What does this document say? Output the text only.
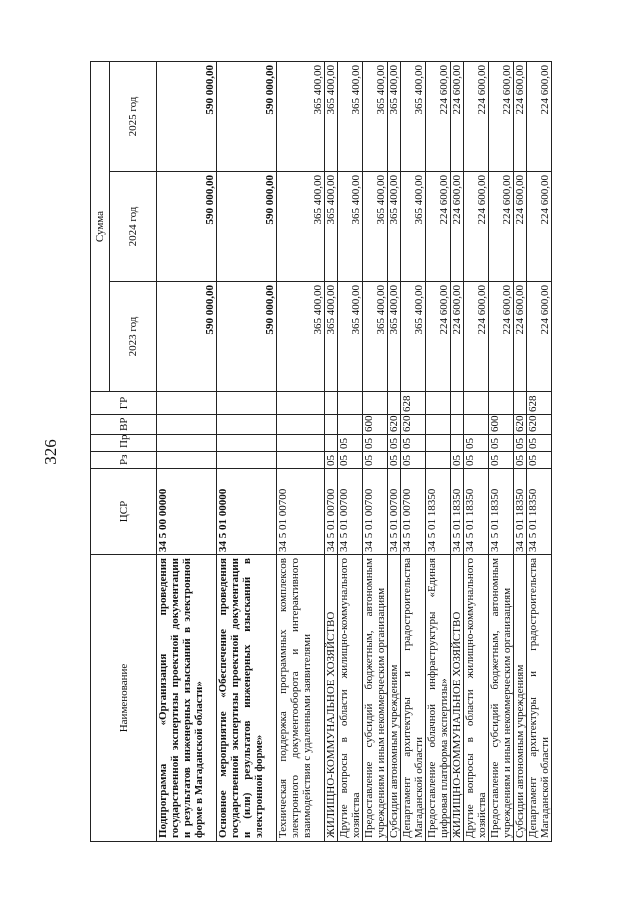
326
Наименование	ЦСР	Рз	Пр	ВР	ГР	Сумма		
						2023 год	2024 год	2025 год
Подпрограмма «Организация проведения государственной экспертизы проектной документации и результатов инженерных изысканий в электронной форме в Магаданской области»	34 5 00 00000					590 000,00	590 000,00	590 000,00
Основное мероприятие «Обеспечение проведения государственной экспертизы проектной документации и (или) результатов инженерных изысканий в электронной форме»	34 5 01 00000					590 000,00	590 000,00	590 000,00
Техническая поддержка программных комплексов электронного документооборота и интерактивного взаимодействия с удаленными заявителями	34 5 01 00700					365 400,00	365 400,00	365 400,00
ЖИЛИЩНО-КОММУНАЛЬНОЕ ХОЗЯЙСТВО	34 5 01 00700	05				365 400,00	365 400,00	365 400,00
Другие вопросы в области жилищно-коммунального хозяйства	34 5 01 00700	05	05			365 400,00	365 400,00	365 400,00
Предоставление субсидий бюджетным, автономным учреждениям и иным некоммерческим организациям	34 5 01 00700	05	05	600		365 400,00	365 400,00	365 400,00
Субсидии автономным учреждениям	34 5 01 00700	05	05	620		365 400,00	365 400,00	365 400,00
Департамент архитектуры и градостроительства Магаданской области	34 5 01 00700	05	05	620	628	365 400,00	365 400,00	365 400,00
Предоставление облачной инфраструктуры «Единая цифровая платформа экспертизы»	34 5 01 18350					224 600,00	224 600,00	224 600,00
ЖИЛИЩНО-КОММУНАЛЬНОЕ ХОЗЯЙСТВО	34 5 01 18350	05				224 600,00	224 600,00	224 600,00
Другие вопросы в области жилищно-коммунального хозяйства	34 5 01 18350	05	05			224 600,00	224 600,00	224 600,00
Предоставление субсидий бюджетным, автономным учреждениям и иным некоммерческим организациям	34 5 01 18350	05	05	600		224 600,00	224 600,00	224 600,00
Субсидии автономным учреждениям	34 5 01 18350	05	05	620		224 600,00	224 600,00	224 600,00
Департамент архитектуры и градостроительства Магаданской области	34 5 01 18350	05	05	620	628	224 600,00	224 600,00	224 600,00
